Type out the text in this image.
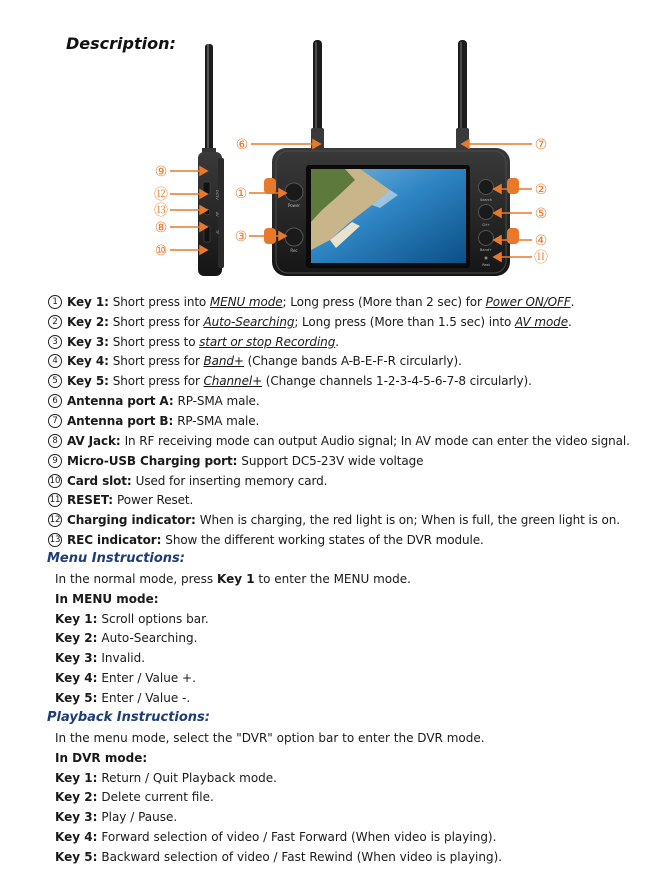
Description:
DC5V
AV
TF
Power
Rec
Search
CH+
Band+
Rest
⑥	⑦
⑨
⑫
⑬
⑧
⑩
①
③
②
⑤
④
⑪
1 Key 1: Short press into MENU mode; Long press (More than 2 sec) for Power ON/OFF.
2 Key 2: Short press for Auto-Searching; Long press (More than 1.5 sec) into AV mode.
3 Key 3: Short press to start or stop Recording.
4 Key 4: Short press for Band+ (Change bands A-B-E-F-R circularly).
5 Key 5: Short press for Channel+ (Change channels 1-2-3-4-5-6-7-8 circularly).
6 Antenna port A: RP-SMA male.
7 Antenna port B: RP-SMA male.
8 AV Jack: In RF receiving mode can output Audio signal; In AV mode can enter the video signal.
9 Micro-USB Charging port: Support DC5-23V wide voltage
10 Card slot: Used for inserting memory card.
11 RESET: Power Reset.
12 Charging indicator: When is charging, the red light is on; When is full, the green light is on.
13 REC indicator: Show the different working states of the DVR module.
Menu Instructions:
In the normal mode, press Key 1 to enter the MENU mode.
In MENU mode:
Key 1: Scroll options bar.
Key 2: Auto-Searching.
Key 3: Invalid.
Key 4: Enter / Value +.
Key 5: Enter / Value -.
Playback Instructions:
In the menu mode, select the "DVR" option bar to enter the DVR mode.
In DVR mode:
Key 1: Return / Quit Playback mode.
Key 2: Delete current file.
Key 3: Play / Pause.
Key 4: Forward selection of video / Fast Forward (When video is playing).
Key 5: Backward selection of video / Fast Rewind (When video is playing).
